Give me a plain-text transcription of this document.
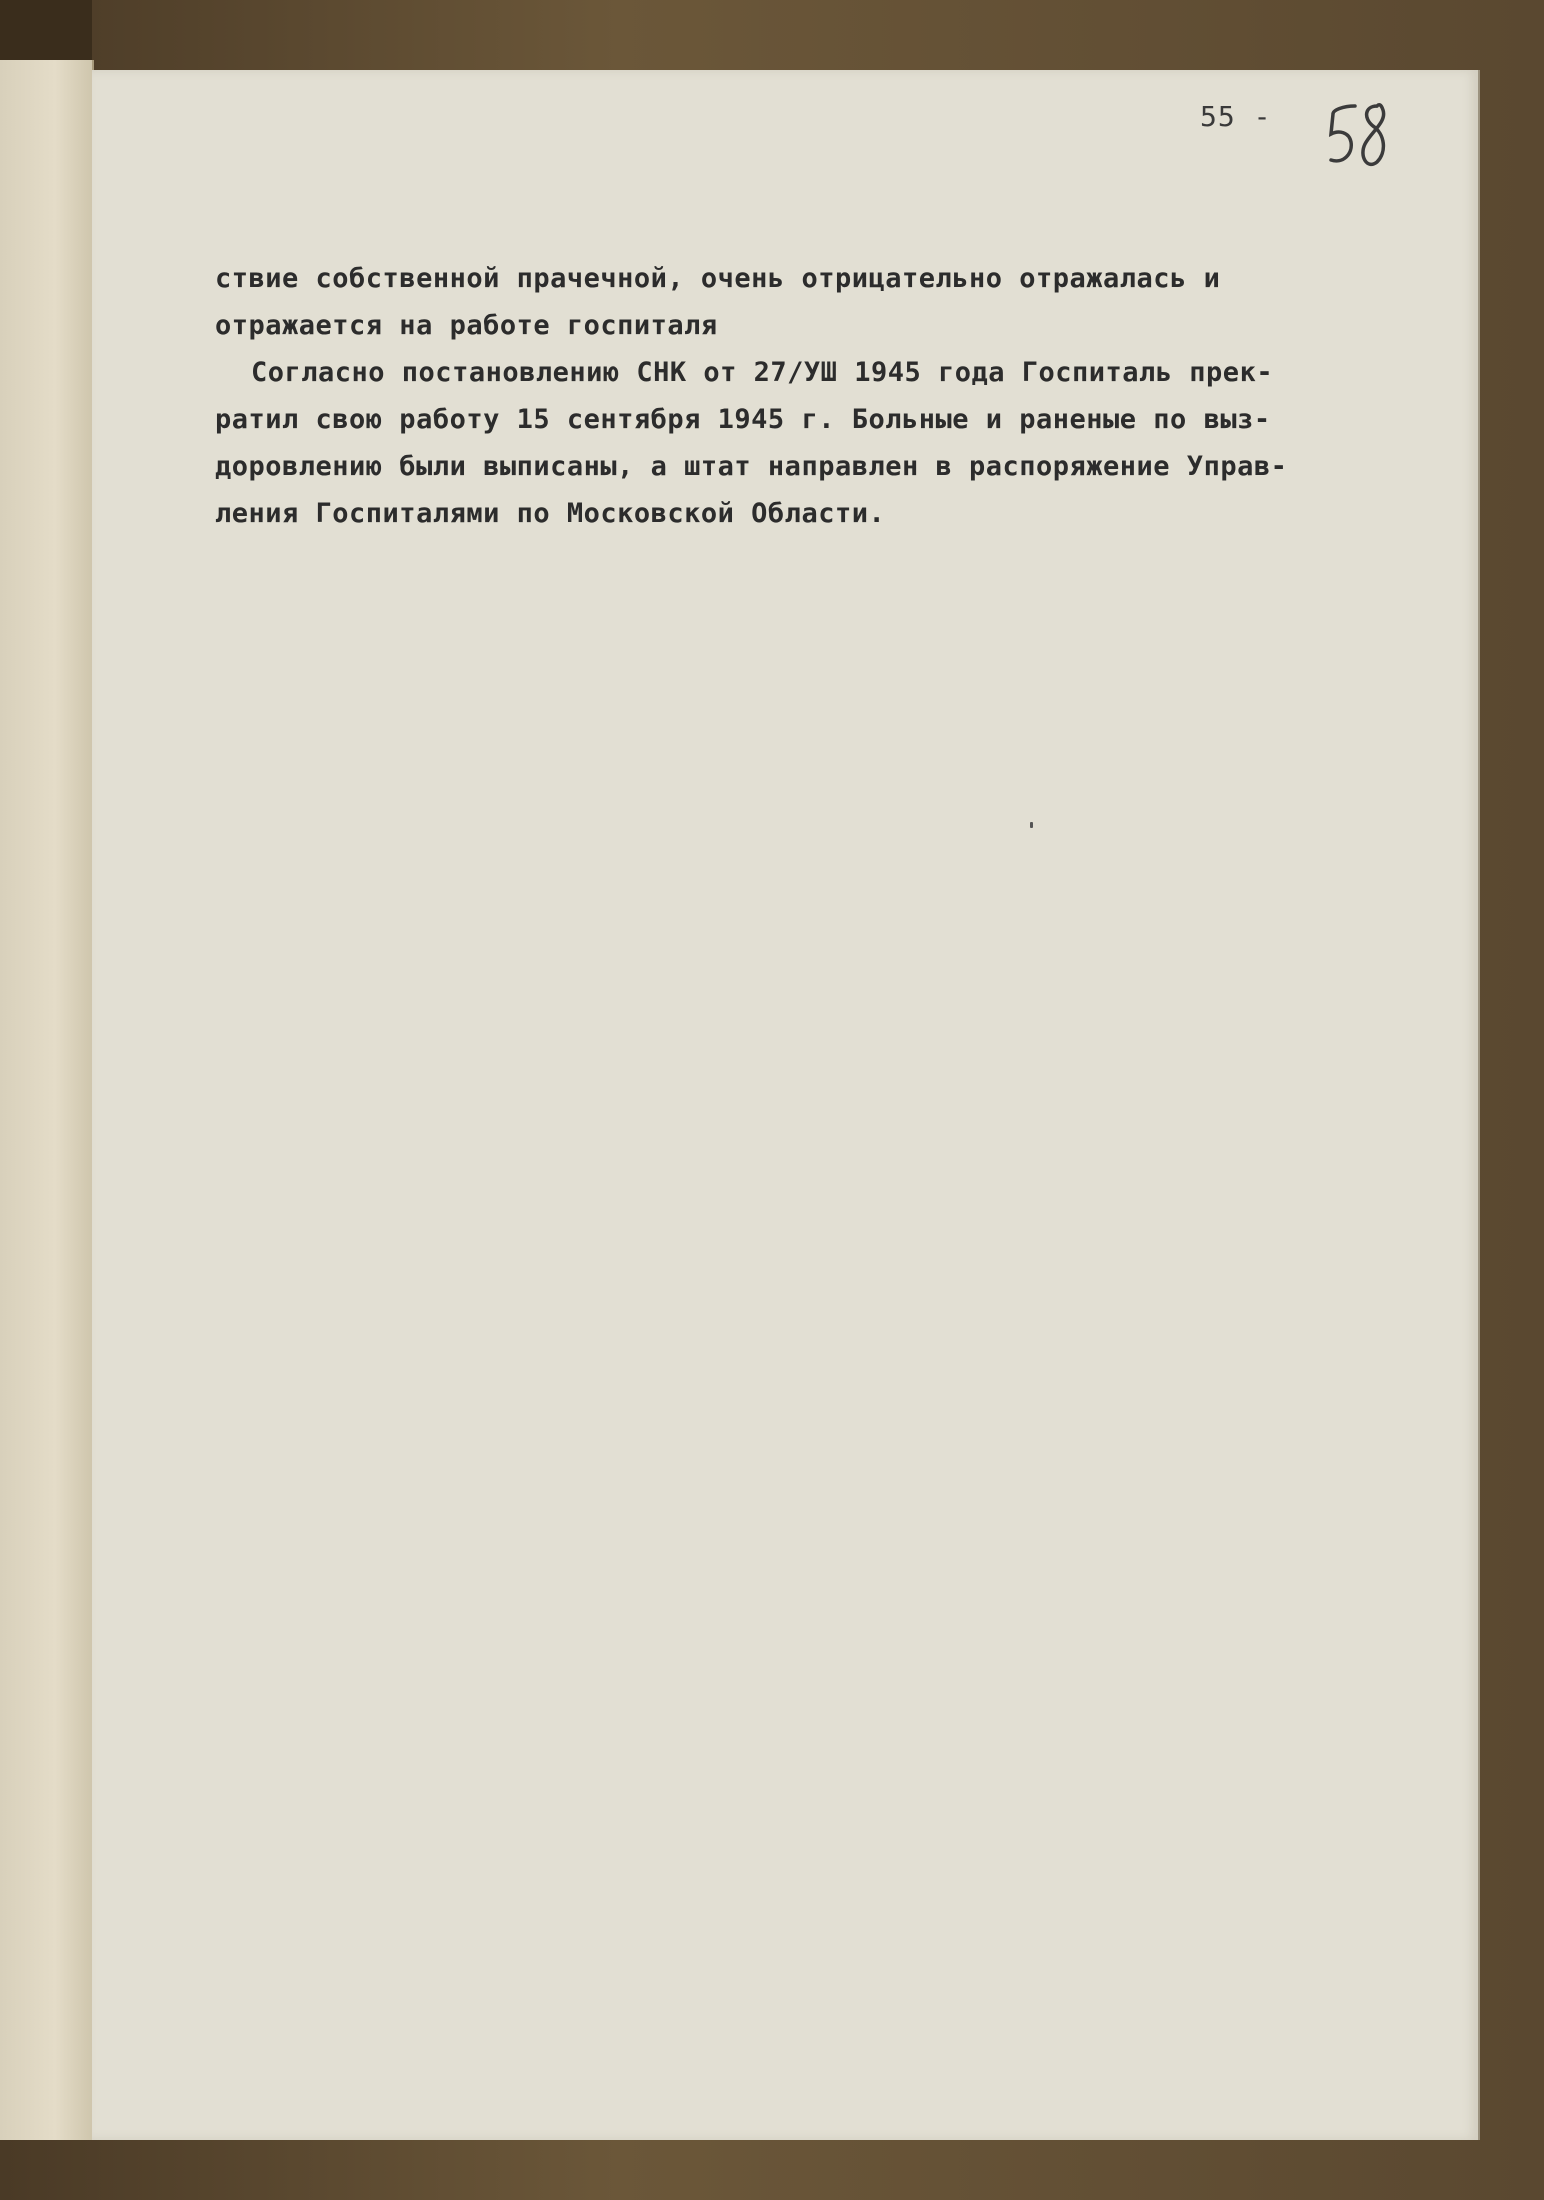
55 -
ствие собственной прачечной, очень отрицательно отражалась и
отражается на работе госпиталя
Согласно постановлению СНК от 27/УШ 1945 года Госпиталь прек-
ратил свою работу 15 сентября 1945 г. Больные и раненые по выз-
доровлению были выписаны, а штат направлен в распоряжение Управ-
ления Госпиталями по Московской Области.
